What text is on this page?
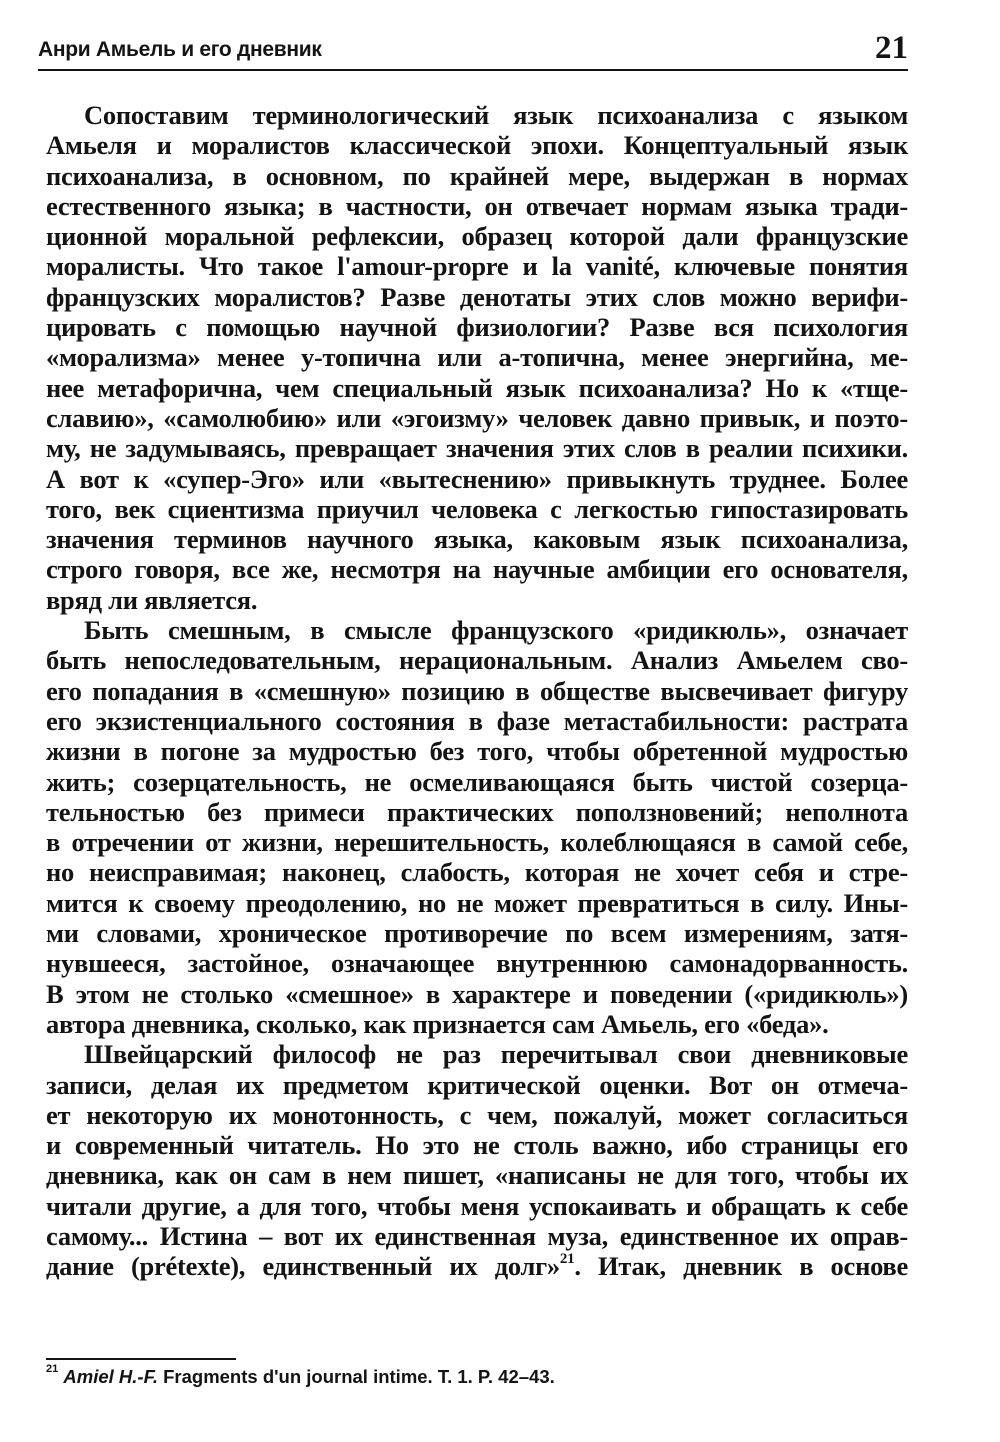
Анри Амьель и его дневник	21

Сопоставим терминологический язык психоанализа с языком
Амьеля и моралистов классической эпохи. Концептуальный язык
психоанализа, в основном, по крайней мере, выдержан в нормах
естественного языка; в частности, он отвечает нормам языка тради-
ционной моральной рефлексии, образец которой дали французские
моралисты. Что такое l'amour-propre и la vanité, ключевые понятия
французских моралистов? Разве денотаты этих слов можно верифи-
цировать с помощью научной физиологии? Разве вся психология
«морализма» менее у-топична или а-топична, менее энергийна, ме-
нее метафорична, чем специальный язык психоанализа? Но к «тще-
славию», «самолюбию» или «эгоизму» человек давно привык, и поэто-
му, не задумываясь, превращает значения этих слов в реалии психики.
А вот к «супер-Эго» или «вытеснению» привыкнуть труднее. Более
того, век сциентизма приучил человека с легкостью гипостазировать
значения терминов научного языка, каковым язык психоанализа,
строго говоря, все же, несмотря на научные амбиции его основателя,
вряд ли является.

Быть смешным, в смысле французского «ридикюль», означает
быть непоследовательным, нерациональным. Анализ Амьелем сво-
его попадания в «смешную» позицию в обществе высвечивает фигуру
его экзистенциального состояния в фазе метастабильности: растрата
жизни в погоне за мудростью без того, чтобы обретенной мудростью
жить; созерцательность, не осмеливающаяся быть чистой созерца-
тельностью без примеси практических поползновений; неполнота
в отречении от жизни, нерешительность, колеблющаяся в самой себе,
но неисправимая; наконец, слабость, которая не хочет себя и стре-
мится к своему преодолению, но не может превратиться в силу. Ины-
ми словами, хроническое противоречие по всем измерениям, затя-
нувшееся, застойное, означающее внутреннюю самонадорванность.
В этом не столько «смешное» в характере и поведении («ридикюль»)
автора дневника, сколько, как признается сам Амьель, его «беда».

Швейцарский философ не раз перечитывал свои дневниковые
записи, делая их предметом критической оценки. Вот он отмеча-
ет некоторую их монотонность, с чем, пожалуй, может согласиться
и современный читатель. Но это не столь важно, ибо страницы его
дневника, как он сам в нем пишет, «написаны не для того, чтобы их
читали другие, а для того, чтобы меня успокаивать и обращать к себе
самому... Истина – вот их единственная муза, единственное их оправ-
дание (prétexte), единственный их долг»$^{21}$. Итак, дневник в основе

$^{21}$ Amiel H.-F. Fragments d'un journal intime. T. 1. P. 42–43.
